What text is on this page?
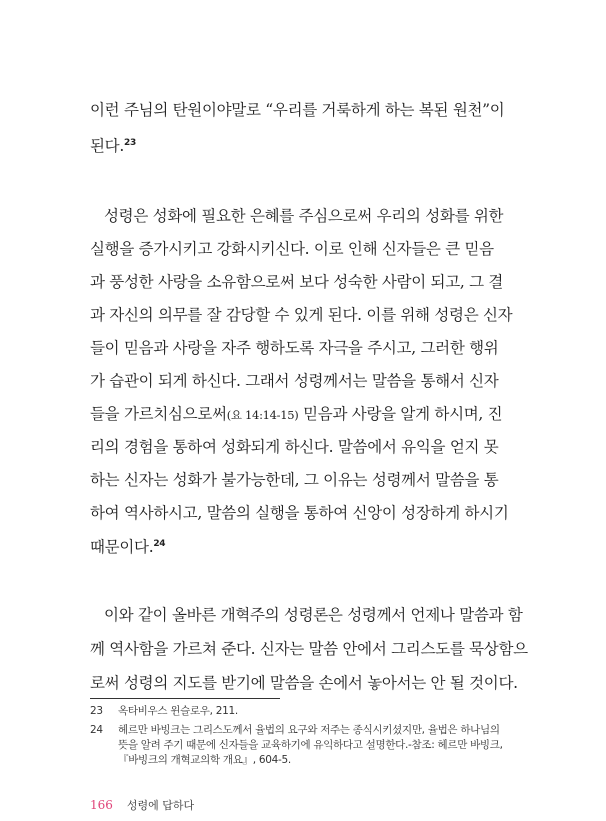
이런 주님의 탄원이야말로 “우리를 거룩하게 하는 복된 원천”이
된다.$^{23}$
성령은 성화에 필요한 은혜를 주심으로써 우리의 성화를 위한
실행을 증가시키고 강화시키신다. 이로 인해 신자들은 큰 믿음
과 풍성한 사랑을 소유함으로써 보다 성숙한 사람이 되고, 그 결
과 자신의 의무를 잘 감당할 수 있게 된다. 이를 위해 성령은 신자
들이 믿음과 사랑을 자주 행하도록 자극을 주시고, 그러한 행위
가 습관이 되게 하신다. 그래서 성령께서는 말씀을 통해서 신자
들을 가르치심으로써(요 14:14-15) 믿음과 사랑을 알게 하시며, 진
리의 경험을 통하여 성화되게 하신다. 말씀에서 유익을 얻지 못
하는 신자는 성화가 불가능한데, 그 이유는 성령께서 말씀을 통
하여 역사하시고, 말씀의 실행을 통하여 신앙이 성장하게 하시기
때문이다.$^{24}$
이와 같이 올바른 개혁주의 성령론은 성령께서 언제나 말씀과 함
께 역사함을 가르쳐 준다. 신자는 말씀 안에서 그리스도를 묵상함으
로써 성령의 지도를 받기에 말씀을 손에서 놓아서는 안 될 것이다.
23 옥타비우스 윈슬로우, 211.
24 헤르만 바빙크는 그리스도께서 율법의 요구와 저주는 종식시키셨지만, 율법은 하나님의
뜻을 알려 주기 때문에 신자들을 교육하기에 유익하다고 설명한다.-참조: 헤르만 바빙크,
『바빙크의 개혁교의학 개요』, 604-5.
166 성령에 답하다
